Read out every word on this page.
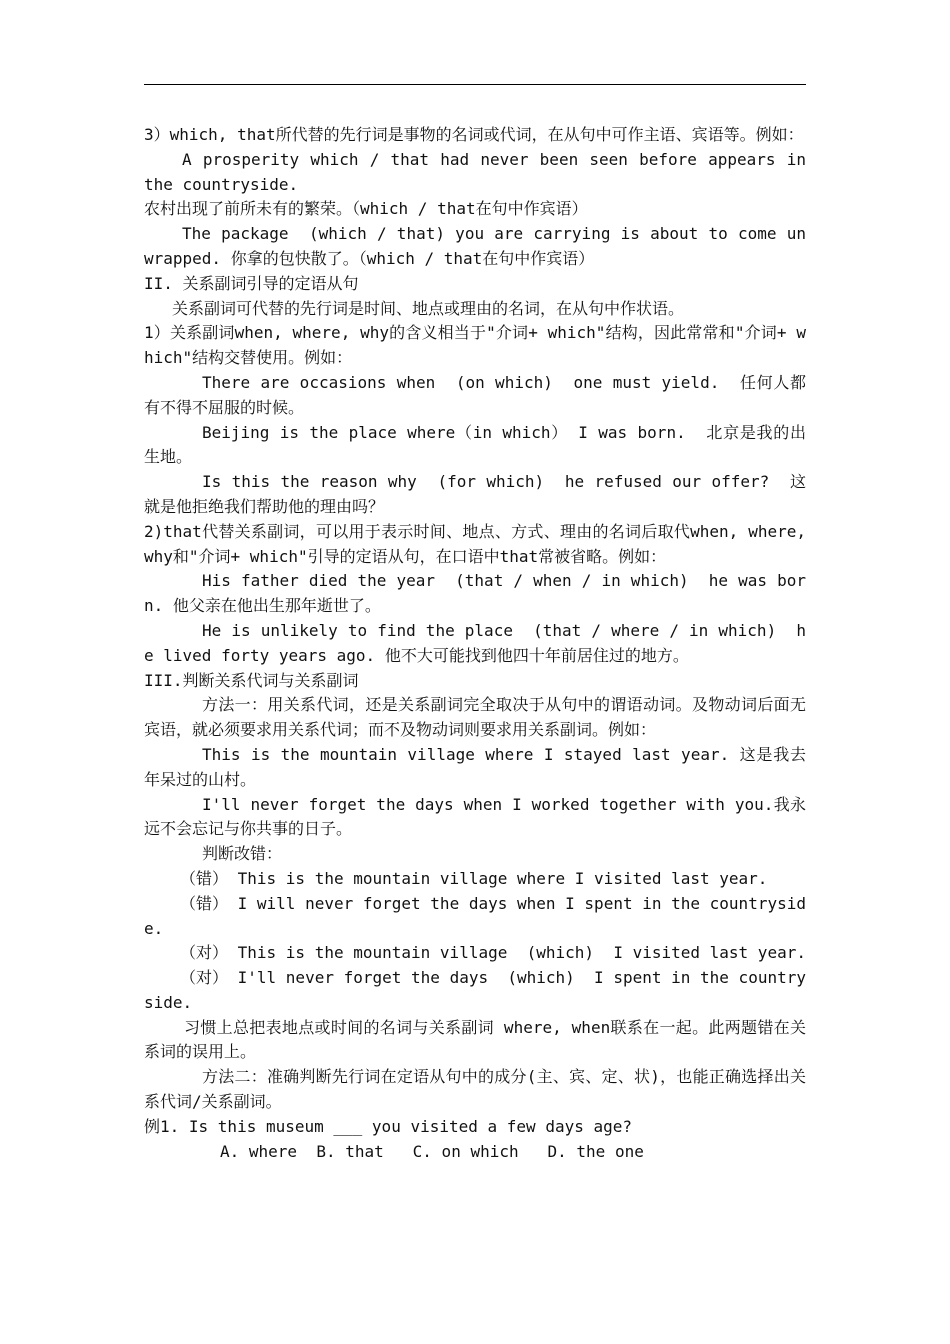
3）which, that所代替的先行词是事物的名词或代词，在从句中可作主语、宾语等。例如：

A prosperity which / that had never been seen before appears in the countryside.

农村出现了前所未有的繁荣。（which / that在句中作宾语）

The package  (which / that) you are carrying is about to come unwrapped. 你拿的包快散了。（which / that在句中作宾语）

II. 关系副词引导的定语从句

关系副词可代替的先行词是时间、地点或理由的名词，在从句中作状语。

1）关系副词when, where, why的含义相当于"介词+ which"结构，因此常常和"介词+ which"结构交替使用。例如：

There are occasions when  (on which)  one must yield.  任何人都有不得不屈服的时候。

Beijing is the place where（in which） I was born.  北京是我的出生地。

Is this the reason why  (for which)  he refused our offer?  这就是他拒绝我们帮助他的理由吗？

2)that代替关系副词，可以用于表示时间、地点、方式、理由的名词后取代when, where, why和"介词+ which"引导的定语从句，在口语中that常被省略。例如：

His father died the year  (that / when / in which)  he was born. 他父亲在他出生那年逝世了。

He is unlikely to find the place  (that / where / in which)  he lived forty years ago. 他不大可能找到他四十年前居住过的地方。

III.判断关系代词与关系副词

方法一：用关系代词，还是关系副词完全取决于从句中的谓语动词。及物动词后面无宾语，就必须要求用关系代词；而不及物动词则要求用关系副词。例如：

This is the mountain village where I stayed last year. 这是我去年呆过的山村。

I'll never forget the days when I worked together with you.我永远不会忘记与你共事的日子。

判断改错：

（错） This is the mountain village where I visited last year.

（错） I will never forget the days when I spent in the countryside.

（对） This is the mountain village  (which)  I visited last year.

（对） I'll never forget the days  (which)  I spent in the countryside.

习惯上总把表地点或时间的名词与关系副词 where, when联系在一起。此两题错在关系词的误用上。

方法二：准确判断先行词在定语从句中的成分(主、宾、定、状)，也能正确选择出关系代词/关系副词。

例1. Is this museum ___ you visited a few days age?

A. where  B. that   C. on which   D. the one
